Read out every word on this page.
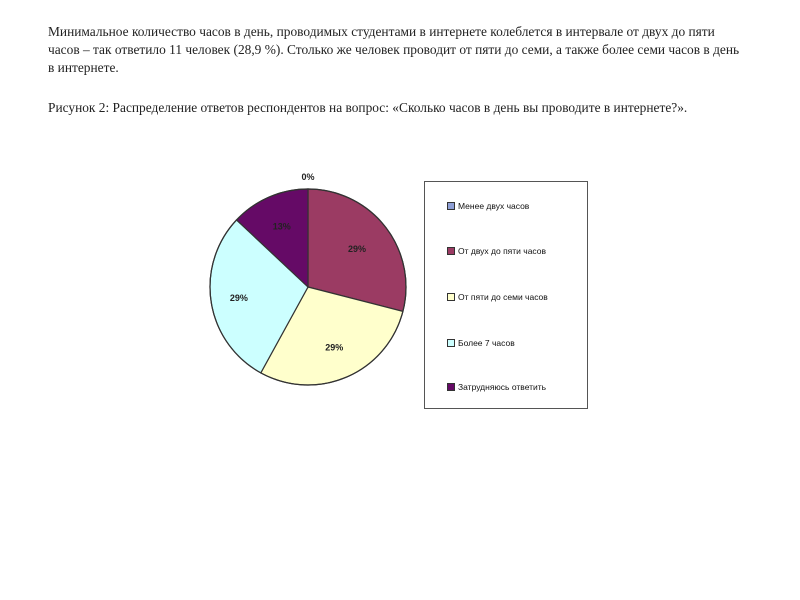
Минимальное количество часов в день, проводимых студентами в интернете колеблется в интервале от двух до пяти часов – так ответило 11 человек (28,9 %). Столько же человек проводит от пяти до семи, а также более семи часов в день в интернете.

Рисунок 2: Распределение ответов респондентов на вопрос: «Сколько часов в день вы проводите в интернете?».

0%
29%
29%
29%
13%
Менее двух часов
От двух до пяти часов
От пяти до семи часов
Более 7 часов
Затрудняюсь ответить
